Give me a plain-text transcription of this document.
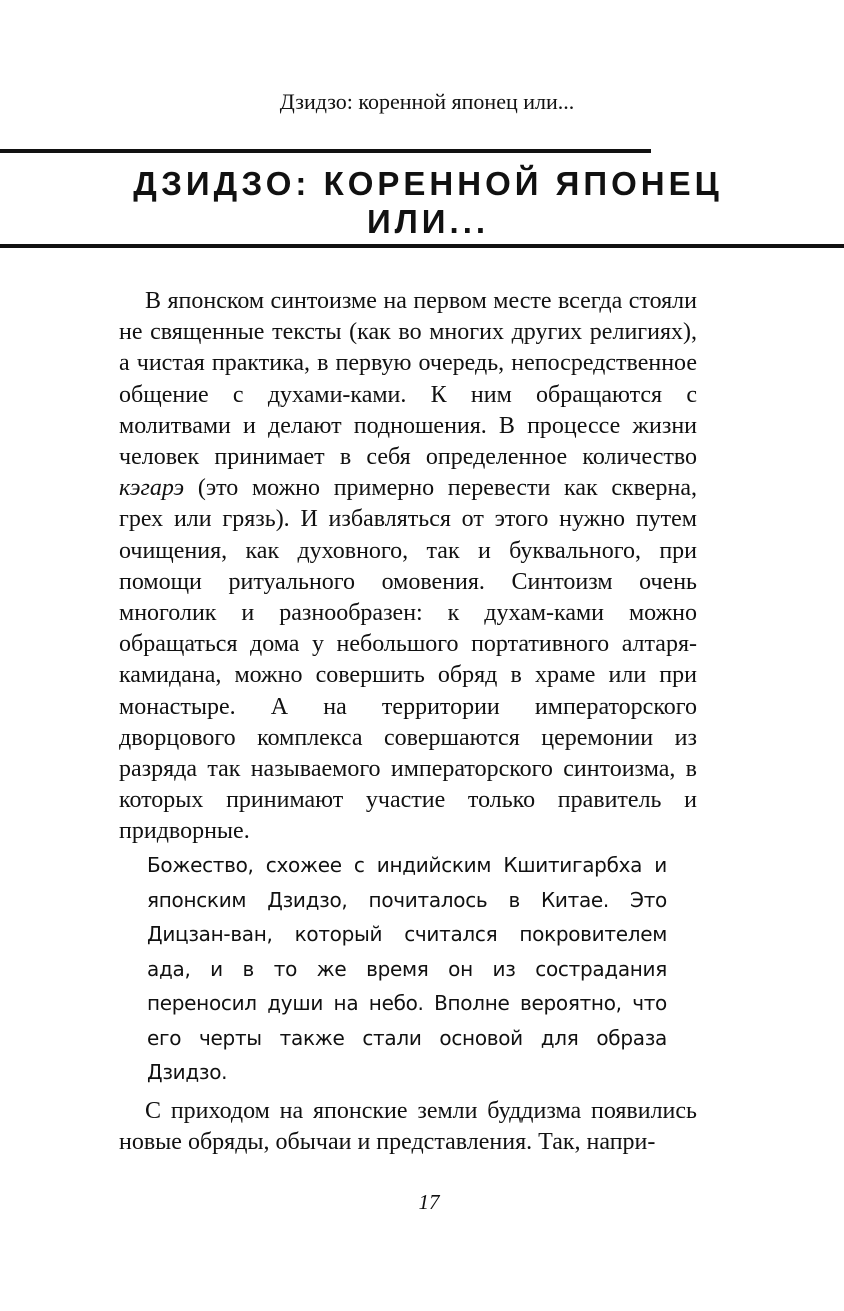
Дзидзо: коренной японец или...
ДЗИДЗО: КОРЕННОЙ ЯПОНЕЦ
ИЛИ...

В японском синтоизме на первом месте всегда стояли не священные тексты (как во многих других религиях), а чистая практика, в первую очередь, непосредственное общение с духами-ками. К ним обращаются с молитвами и делают подношения. В процессе жизни человек принимает в себя определенное количество кэгарэ (это можно примерно перевести как скверна, грех или грязь). И избавляться от этого нужно путем очищения, как духовного, так и буквального, при помощи ритуального омовения. Синтоизм очень многолик и разнообразен: к духам-ками можно обращаться дома у небольшого портативного алтаря-камидана, можно совершить обряд в храме или при монастыре. А на территории императорского дворцового комплекса совершаются церемонии из разряда так называемого императорского синтоизма, в которых принимают участие только правитель и придворные.

Божество, схожее с индийским Кшитигарбха и японским Дзидзо, почиталось в Китае. Это Дицзан-ван, который считался покровителем ада, и в то же время он из сострадания переносил души на небо. Вполне вероятно, что его черты также стали основой для образа Дзидзо.

С приходом на японские земли буддизма появились новые обряды, обычаи и представления. Так, напри-

17
